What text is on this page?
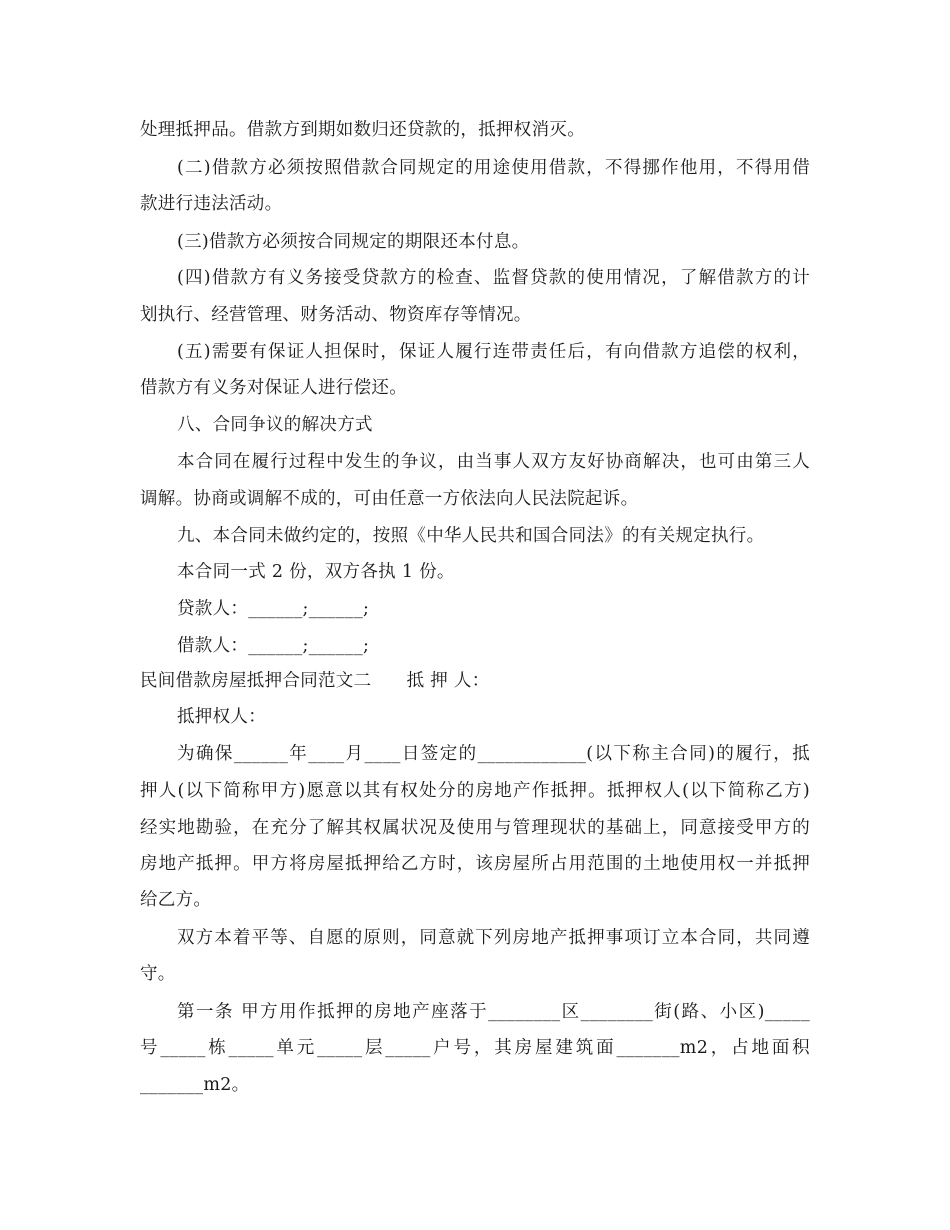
处理抵押品。借款方到期如数归还贷款的，抵押权消灭。
(二)借款方必须按照借款合同规定的用途使用借款，不得挪作他用，不得用借
款进行违法活动。
(三)借款方必须按合同规定的期限还本付息。
(四)借款方有义务接受贷款方的检查、监督贷款的使用情况，了解借款方的计
划执行、经营管理、财务活动、物资库存等情况。
(五)需要有保证人担保时，保证人履行连带责任后，有向借款方追偿的权利，
借款方有义务对保证人进行偿还。
八、合同争议的解决方式
本合同在履行过程中发生的争议，由当事人双方友好协商解决，也可由第三人
调解。协商或调解不成的，可由任意一方依法向人民法院起诉。
九、本合同未做约定的，按照《中华人民共和国合同法》的有关规定执行。
本合同一式 2 份，双方各执 1 份。
贷款人：______;______;
借款人：______;______;
民间借款房屋抵押合同范文二      抵 押 人：
抵押权人：
为确保______年____月____日签定的____________(以下称主合同)的履行，抵
押人(以下简称甲方)愿意以其有权处分的房地产作抵押。抵押权人(以下简称乙方)
经实地勘验，在充分了解其权属状况及使用与管理现状的基础上，同意接受甲方的
房地产抵押。甲方将房屋抵押给乙方时，该房屋所占用范围的土地使用权一并抵押
给乙方。
双方本着平等、自愿的原则，同意就下列房地产抵押事项订立本合同，共同遵
守。
第一条 甲方用作抵押的房地产座落于________区________街(路、小区)_____
号_____栋_____单元_____层_____户号，其房屋建筑面_______m2，占地面积
_______m2。
